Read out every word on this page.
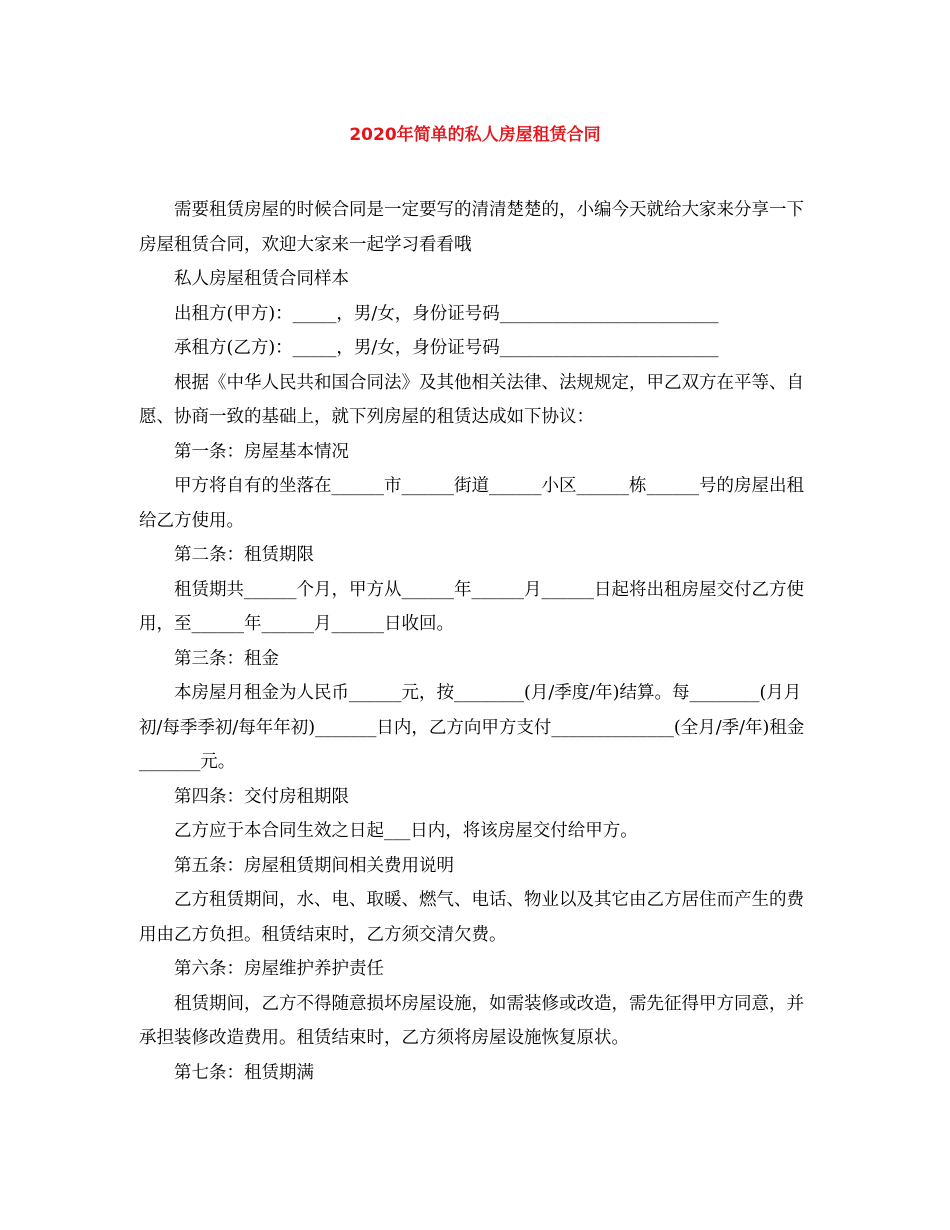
2020年简单的私人房屋租赁合同

需要租赁房屋的时候合同是一定要写的清清楚楚的，小编今天就给大家来分享一下房屋租赁合同，欢迎大家来一起学习看看哦

私人房屋租赁合同样本

出租方(甲方)：_____，男/女，身份证号码_________________________

承租方(乙方)：_____，男/女，身份证号码_________________________

根据《中华人民共和国合同法》及其他相关法律、法规规定，甲乙双方在平等、自愿、协商一致的基础上，就下列房屋的租赁达成如下协议：

第一条：房屋基本情况

甲方将自有的坐落在______市______街道______小区______栋______号的房屋出租给乙方使用。

第二条：租赁期限

租赁期共______个月，甲方从______年______月______日起将出租房屋交付乙方使用，至______年______月______日收回。

第三条：租金

本房屋月租金为人民币______元，按________(月/季度/年)结算。每________(月月初/每季季初/每年年初)_______日内，乙方向甲方支付______________(全月/季/年)租金_______元。

第四条：交付房租期限

乙方应于本合同生效之日起___日内，将该房屋交付给甲方。

第五条：房屋租赁期间相关费用说明

乙方租赁期间，水、电、取暖、燃气、电话、物业以及其它由乙方居住而产生的费用由乙方负担。租赁结束时，乙方须交清欠费。

第六条：房屋维护养护责任

租赁期间，乙方不得随意损坏房屋设施，如需装修或改造，需先征得甲方同意，并承担装修改造费用。租赁结束时，乙方须将房屋设施恢复原状。

第七条：租赁期满
